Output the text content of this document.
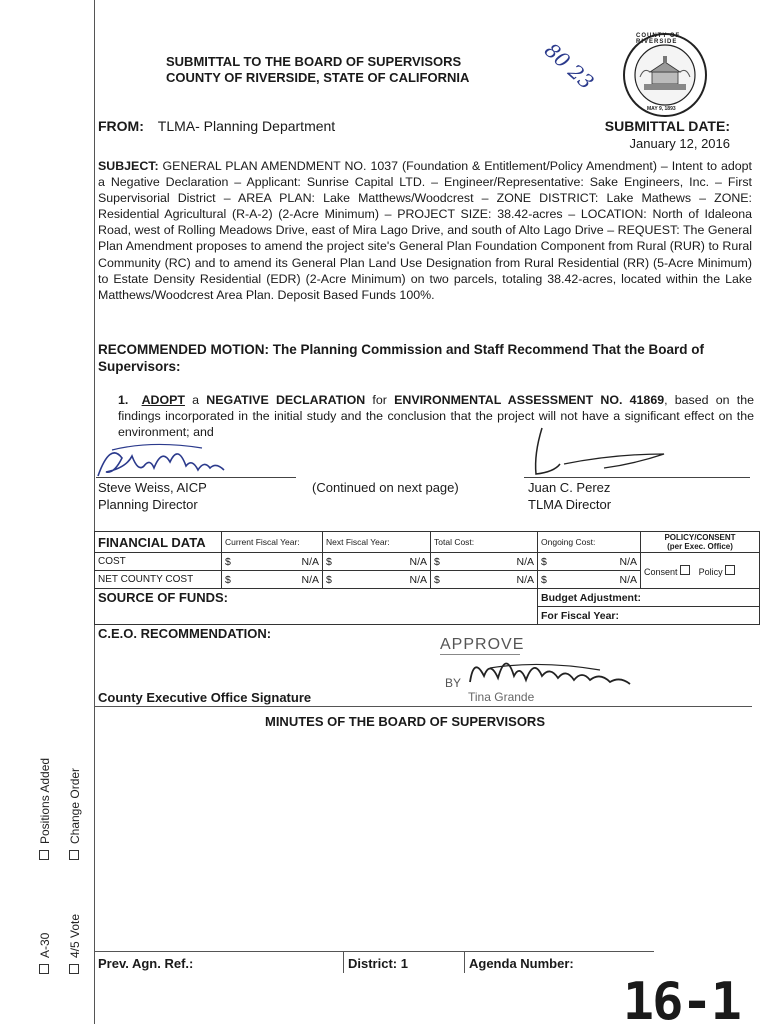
SUBMITTAL TO THE BOARD OF SUPERVISORS
COUNTY OF RIVERSIDE, STATE OF CALIFORNIA	80 23
COUNTY OF RIVERSIDE
MAY 9, 1893
FROM: TLMA- Planning Department	SUBMITTAL DATE:
January 12, 2016
SUBJECT: GENERAL PLAN AMENDMENT NO. 1037 (Foundation & Entitlement/Policy Amendment) – Intent to adopt a Negative Declaration – Applicant: Sunrise Capital LTD. – Engineer/Representative: Sake Engineers, Inc. – First Supervisorial District – AREA PLAN: Lake Matthews/Woodcrest – ZONE DISTRICT: Lake Mathews – ZONE: Residential Agricultural (R-A-2) (2-Acre Minimum) – PROJECT SIZE: 38.42-acres – LOCATION: North of Idaleona Road, west of Rolling Meadows Drive, east of Mira Lago Drive, and south of Alto Lago Drive – REQUEST: The General Plan Amendment proposes to amend the project site's General Plan Foundation Component from Rural (RUR) to Rural Community (RC) and to amend its General Plan Land Use Designation from Rural Residential (RR) (5-Acre Minimum) to Estate Density Residential (EDR) (2-Acre Minimum) on two parcels, totaling 38.42-acres, located within the Lake Matthews/Woodcrest Area Plan. Deposit Based Funds 100%.
RECOMMENDED MOTION: The Planning Commission and Staff Recommend That the Board of Supervisors:
1. ADOPT a NEGATIVE DECLARATION for ENVIRONMENTAL ASSESSMENT NO. 41869, based on the findings incorporated in the initial study and the conclusion that the project will not have a significant effect on the environment; and
Steve Weiss, AICP
Planning Director
(Continued on next page)	Juan C. Perez
TLMA Director
FINANCIAL DATA	Current Fiscal Year:	Next Fiscal Year:	Total Cost:	Ongoing Cost:	POLICY/CONSENT
(per Exec. Office)

COST	$ N/A	$ N/A	$ N/A	$ N/A	Consent Policy
NET COUNTY COST	$ N/A	$ N/A	$ N/A	$ N/A	

SOURCE OF FUNDS:				Budget Adjustment:	
				For Fiscal Year:	
C.E.O. RECOMMENDATION:
APPROVE
BY
Tina Grande
County Executive Office Signature
MINUTES OF THE BOARD OF SUPERVISORS
Positions Added Change Order
A-30 4/5 Vote
Prev. Agn. Ref.:	District: 1	Agenda Number:
16-1
